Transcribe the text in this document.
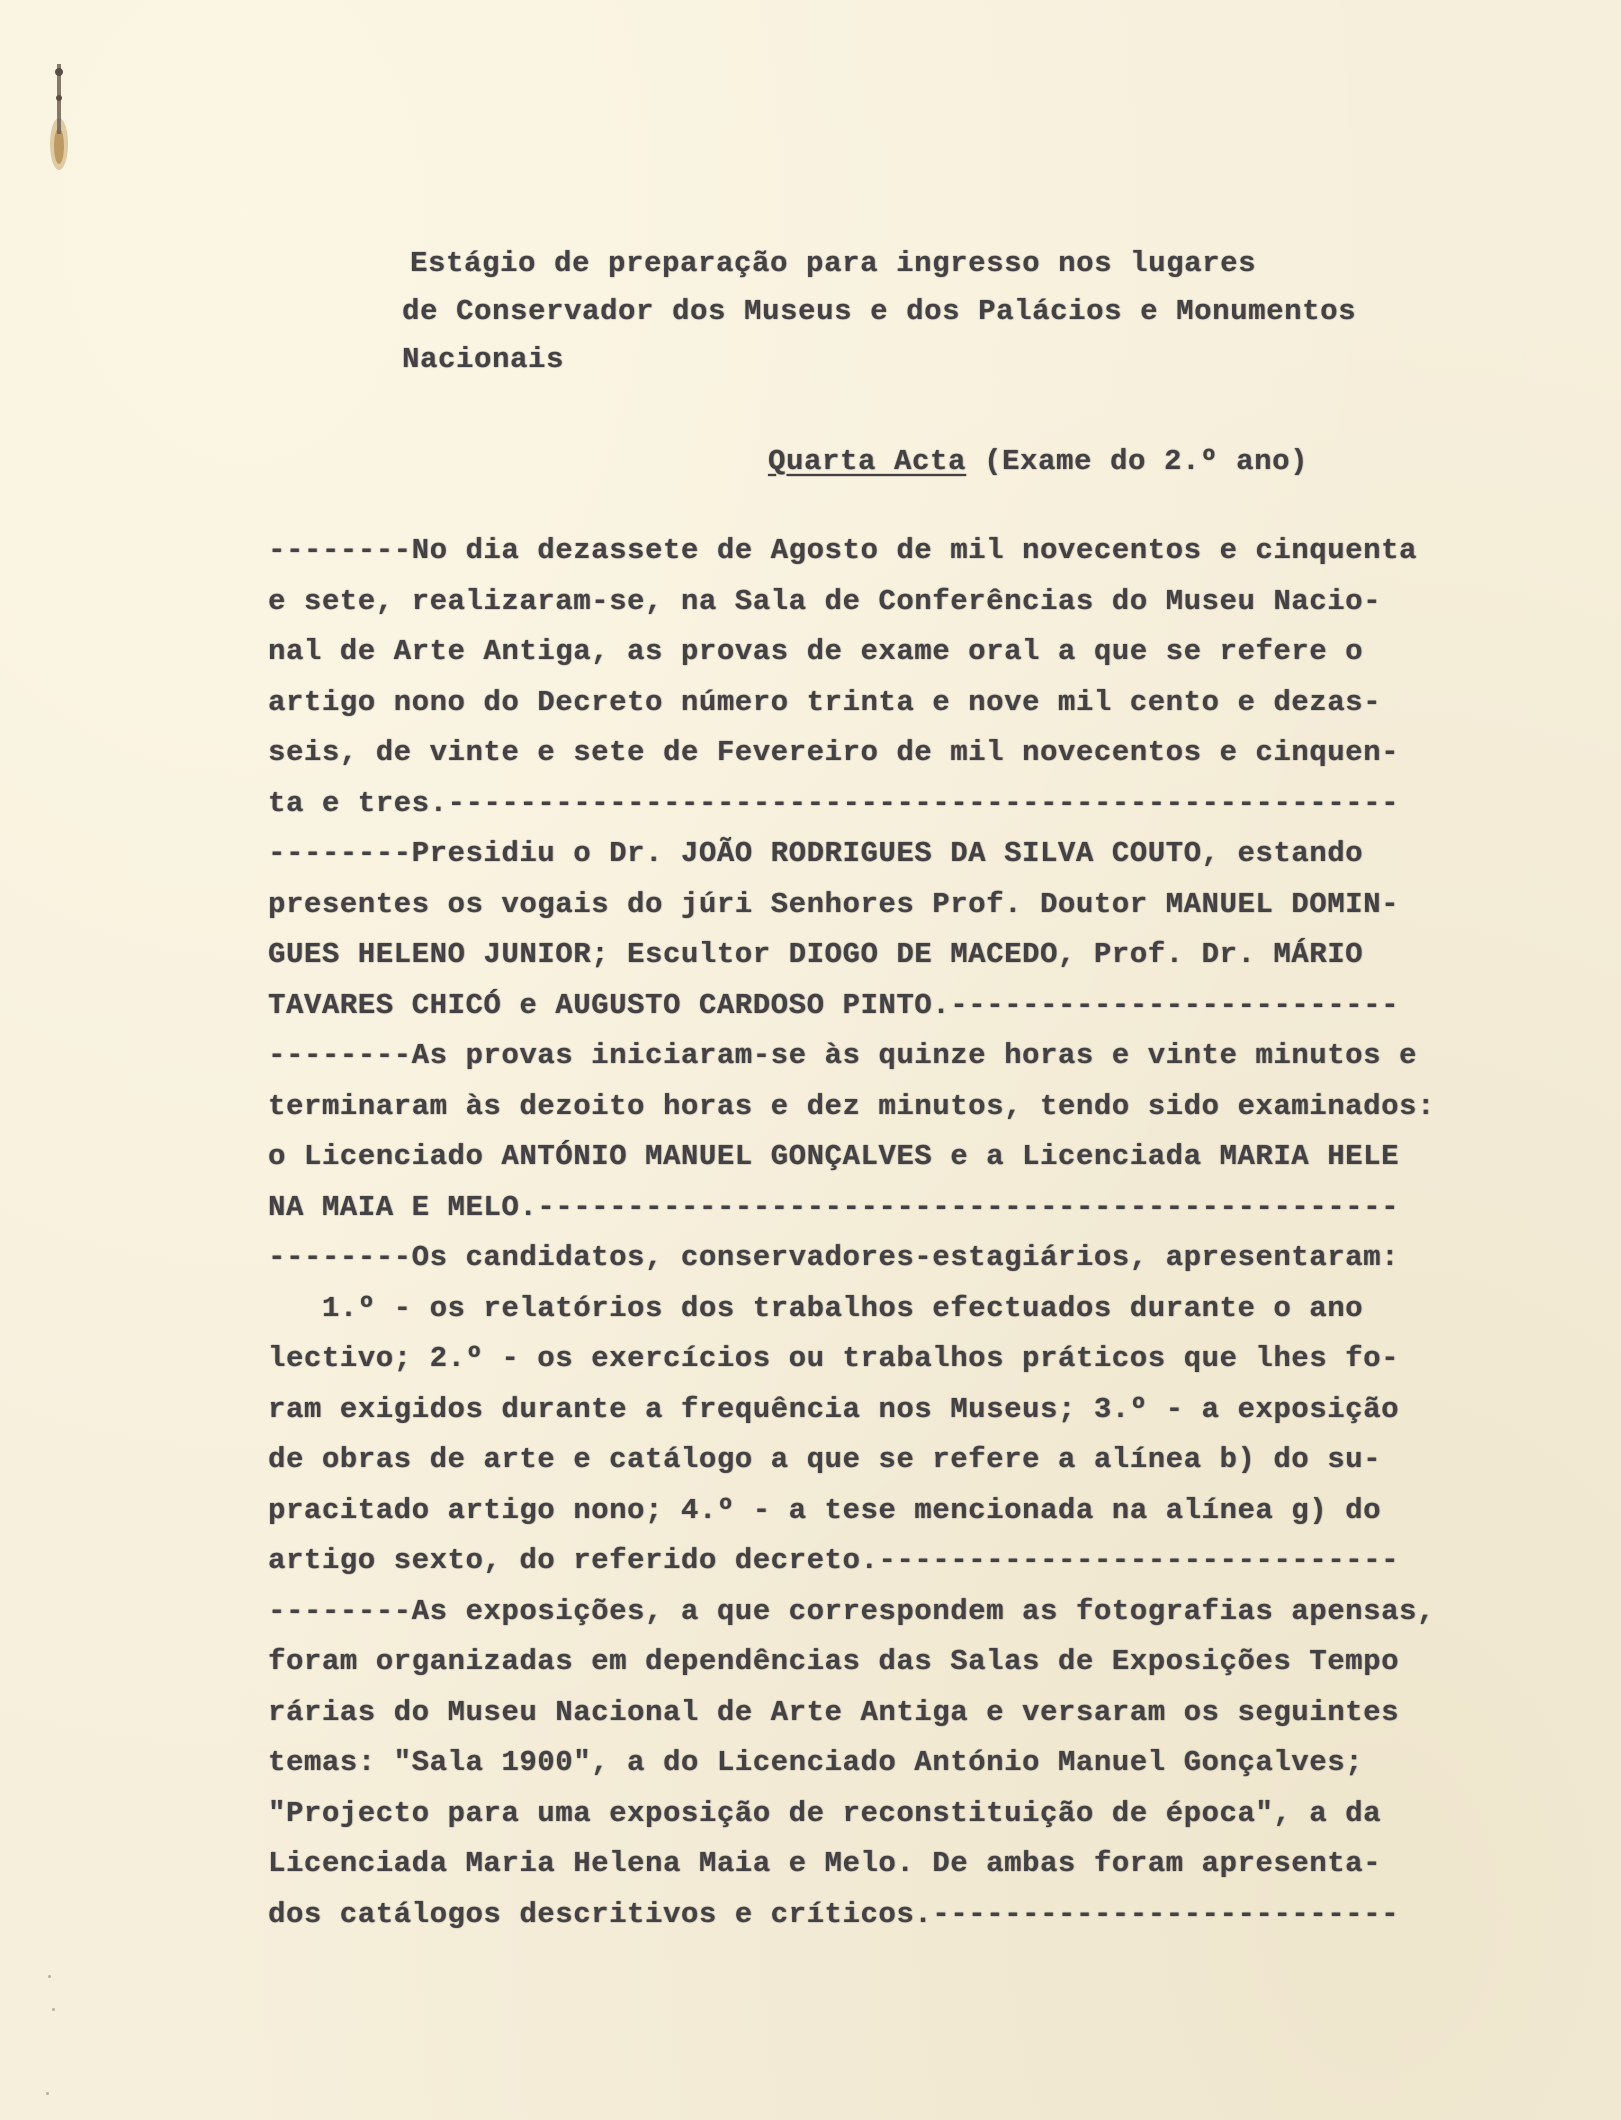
Estágio de preparação para ingresso nos lugares
de Conservador dos Museus e dos Palácios e Monumentos
Nacionais
Quarta Acta (Exame do 2.º ano)
--------No dia dezassete de Agosto de mil novecentos e cinquenta
e sete, realizaram-se, na Sala de Conferências do Museu Nacio-
nal de Arte Antiga, as provas de exame oral a que se refere o
artigo nono do Decreto número trinta e nove mil cento e dezas-
seis, de vinte e sete de Fevereiro de mil novecentos e cinquen-
ta e tres.-----------------------------------------------------
--------Presidiu o Dr. JOÃO RODRIGUES DA SILVA COUTO, estando
presentes os vogais do júri Senhores Prof. Doutor MANUEL DOMIN-
GUES HELENO JUNIOR; Escultor DIOGO DE MACEDO, Prof. Dr. MÁRIO
TAVARES CHICÓ e AUGUSTO CARDOSO PINTO.-------------------------
--------As provas iniciaram-se às quinze horas e vinte minutos e
terminaram às dezoito horas e dez minutos, tendo sido examinados:
o Licenciado ANTÓNIO MANUEL GONÇALVES e a Licenciada MARIA HELE
NA MAIA E MELO.------------------------------------------------
--------Os candidatos, conservadores-estagiários, apresentaram:
1.º - os relatórios dos trabalhos efectuados durante o ano
lectivo; 2.º - os exercícios ou trabalhos práticos que lhes fo-
ram exigidos durante a frequência nos Museus; 3.º - a exposição
de obras de arte e catálogo a que se refere a alínea b) do su-
pracitado artigo nono; 4.º - a tese mencionada na alínea g) do
artigo sexto, do referido decreto.-----------------------------
--------As exposições, a que correspondem as fotografias apensas,
foram organizadas em dependências das Salas de Exposições Tempo
rárias do Museu Nacional de Arte Antiga e versaram os seguintes
temas: "Sala 1900", a do Licenciado António Manuel Gonçalves;
"Projecto para uma exposição de reconstituição de época", a da
Licenciada Maria Helena Maia e Melo. De ambas foram apresenta-
dos catálogos descritivos e críticos.--------------------------
